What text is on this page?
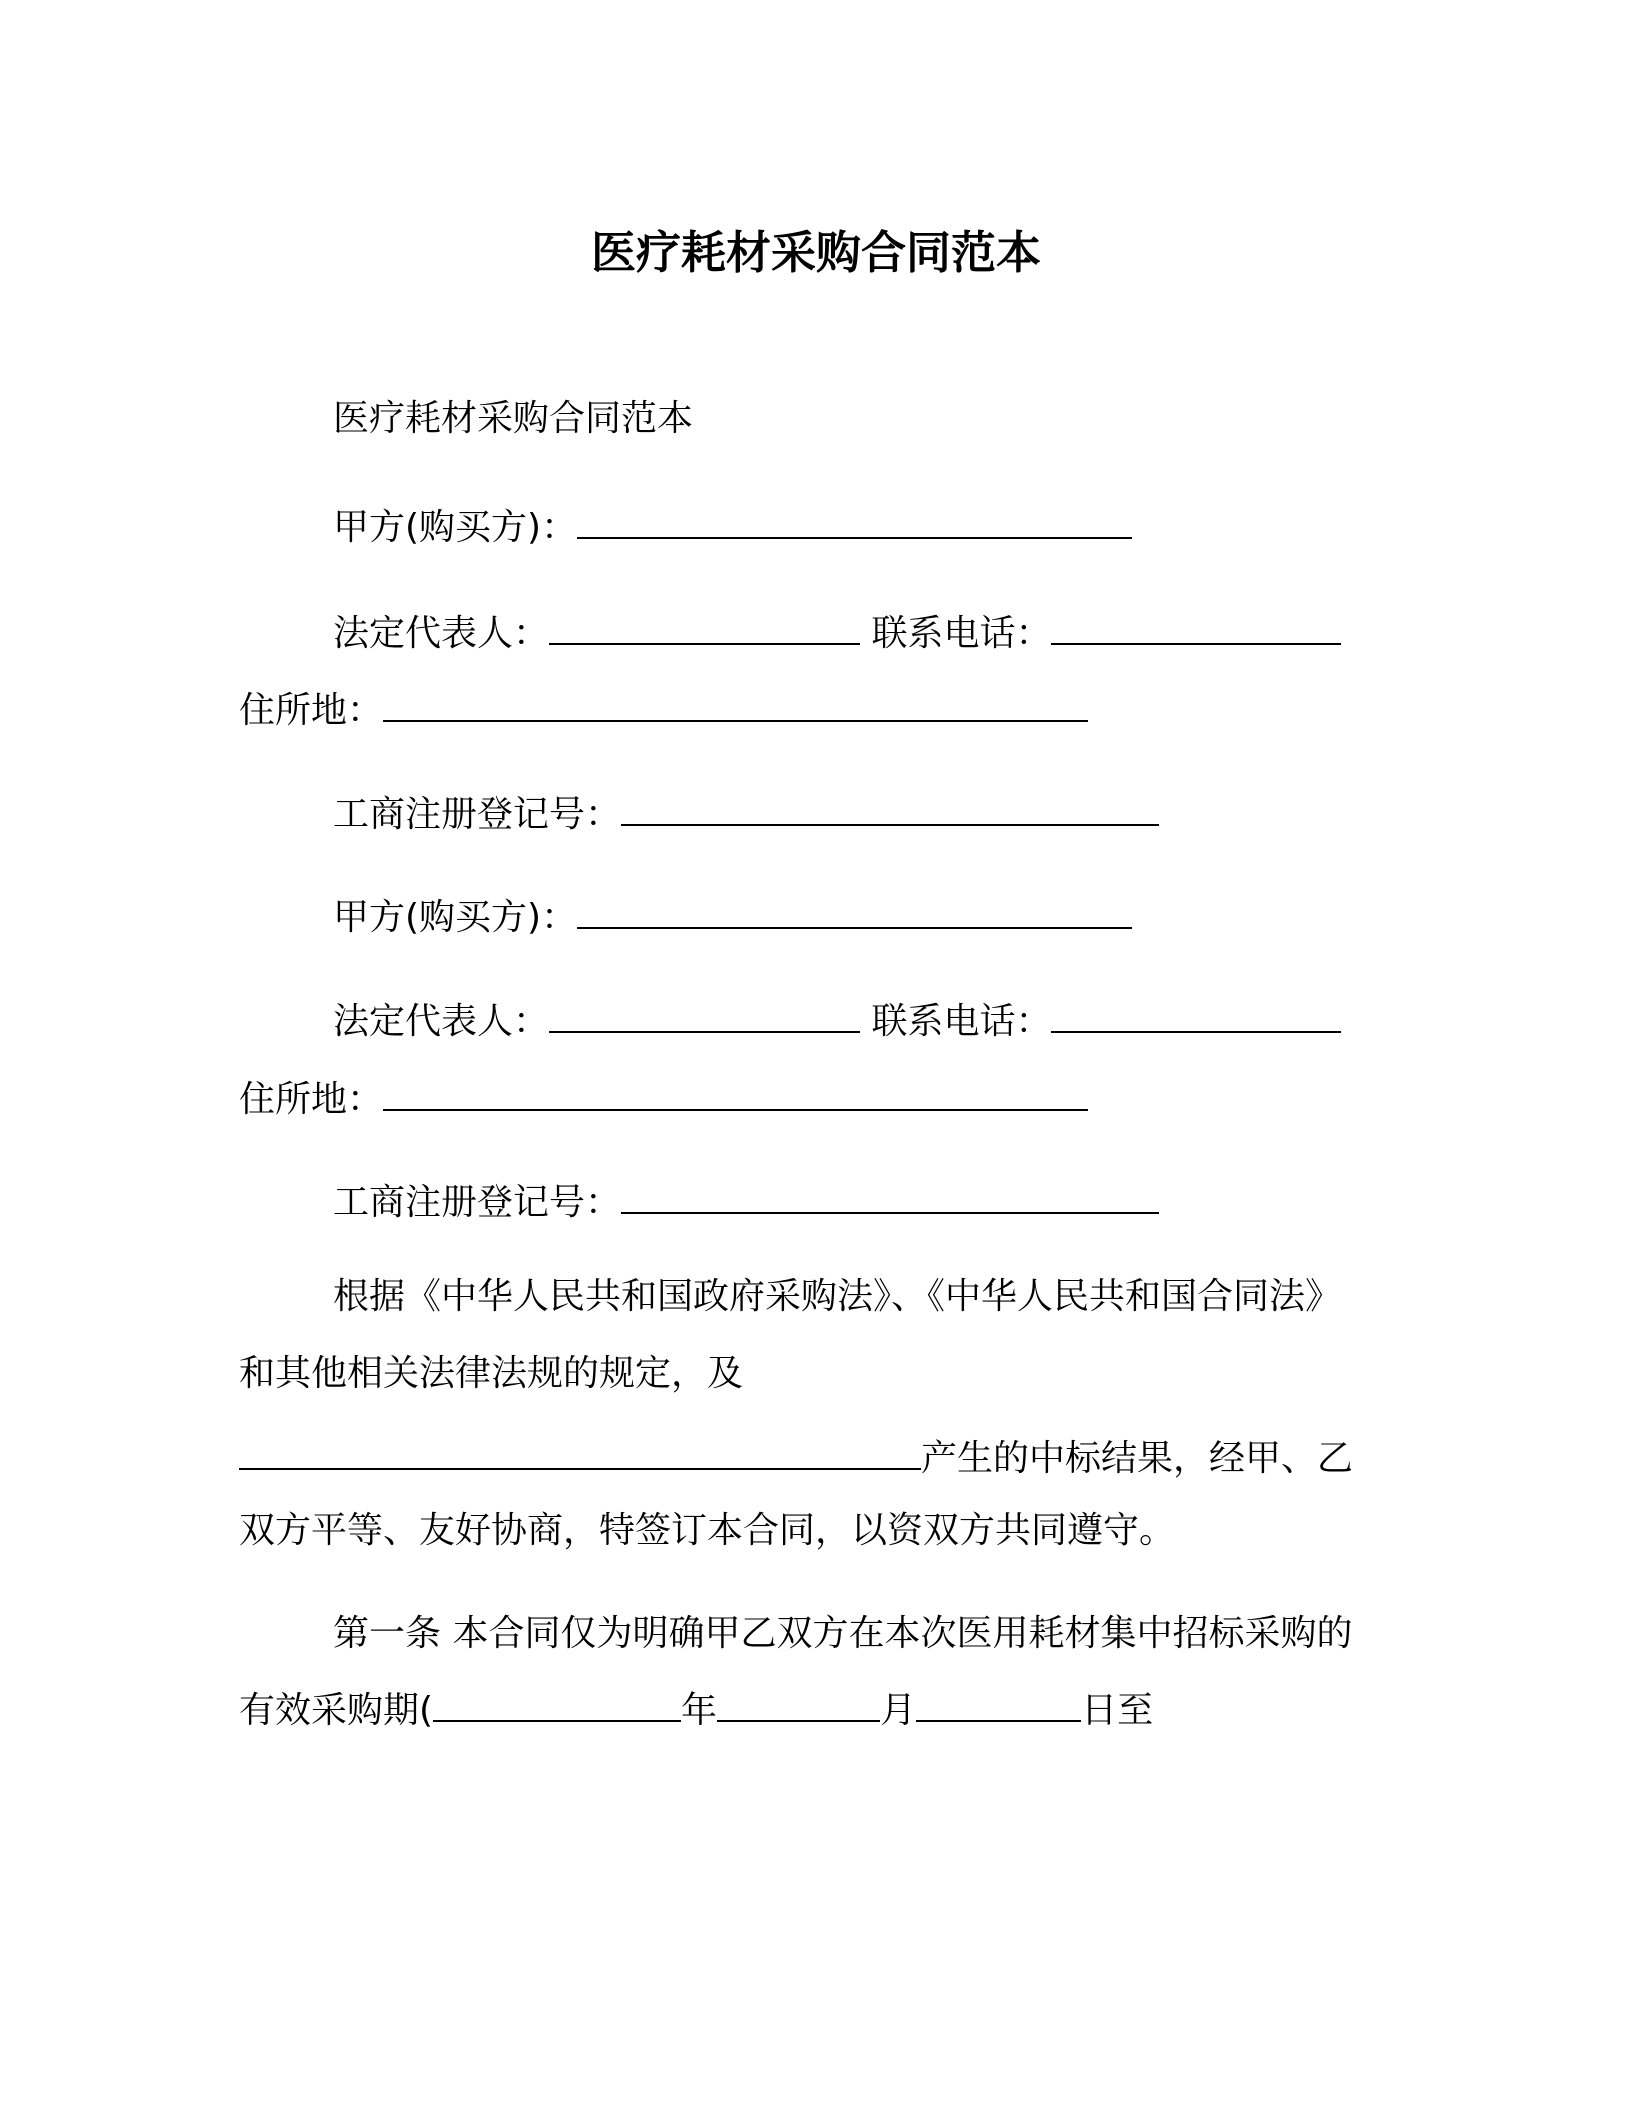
医疗耗材采购合同范本
医疗耗材采购合同范本
甲方(购买方)：
法定代表人：	联系电话：
住所地：
工商注册登记号：
甲方(购买方)：
法定代表人：	联系电话：
住所地：
工商注册登记号：
根据《中华人民共和国政府采购法》、《中华人民共和国合同法》
和其他相关法律法规的规定，及
产生的中标结果，经甲、乙
双方平等、友好协商，特签订本合同，以资双方共同遵守。
第一条 本合同仅为明确甲乙双方在本次医用耗材集中招标采购的
有效采购期(	年	月	日至
